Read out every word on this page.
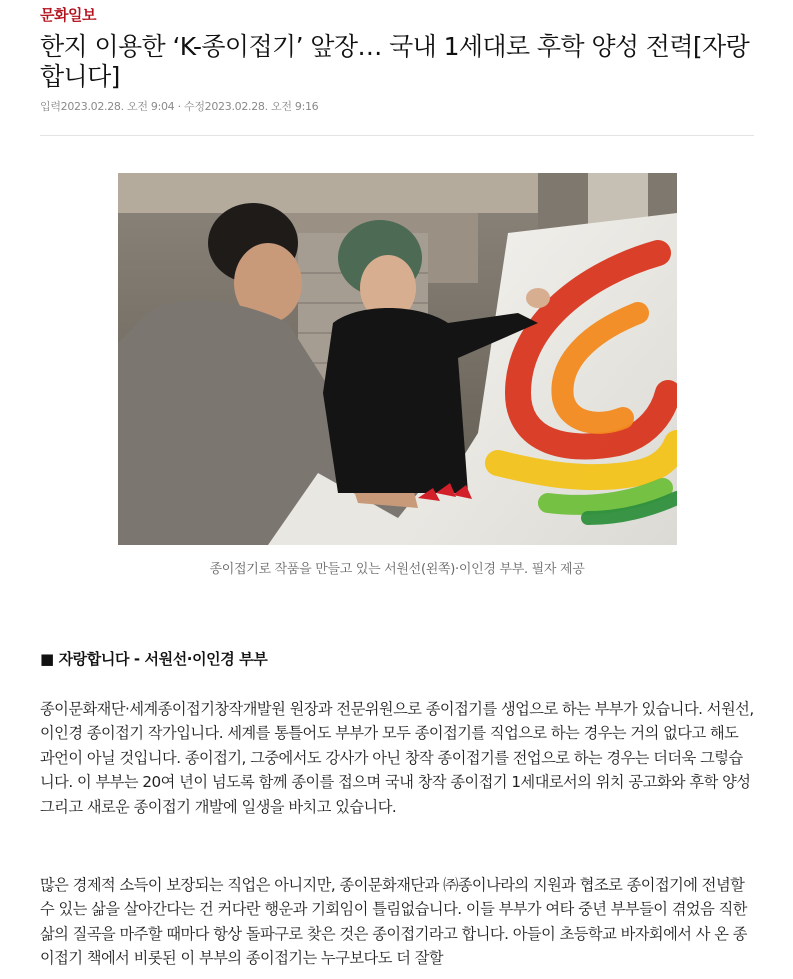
문화일보
한지 이용한 ‘K-종이접기’ 앞장… 국내 1세대로 후학 양성 전력[자랑합니다]
입력2023.02.28. 오전 9:04 · 수정2023.02.28. 오전 9:16
종이접기로 작품을 만들고 있는 서원선(왼쪽)·이인경 부부. 필자 제공
■ 자랑합니다 - 서원선·이인경 부부

종이문화재단·세계종이접기창작개발원 원장과 전문위원으로 종이접기를 생업으로 하는 부부가 있습니다. 서원선, 이인경 종이접기 작가입니다. 세계를 통틀어도 부부가 모두 종이접기를 직업으로 하는 경우는 거의 없다고 해도 과언이 아닐 것입니다. 종이접기, 그중에서도 강사가 아닌 창작 종이접기를 전업으로 하는 경우는 더더욱 그렇습니다. 이 부부는 20여 년이 넘도록 함께 종이를 접으며 국내 창작 종이접기 1세대로서의 위치 공고화와 후학 양성 그리고 새로운 종이접기 개발에 일생을 바치고 있습니다.

많은 경제적 소득이 보장되는 직업은 아니지만, 종이문화재단과 ㈜종이나라의 지원과 협조로 종이접기에 전념할 수 있는 삶을 살아간다는 건 커다란 행운과 기회임이 틀림없습니다. 이들 부부가 여타 중년 부부들이 겪었음 직한 삶의 질곡을 마주할 때마다 항상 돌파구로 찾은 것은 종이접기라고 합니다. 아들이 초등학교 바자회에서 사 온 종이접기 책에서 비롯된 이 부부의 종이접기는 누구보다도 더 잘할
